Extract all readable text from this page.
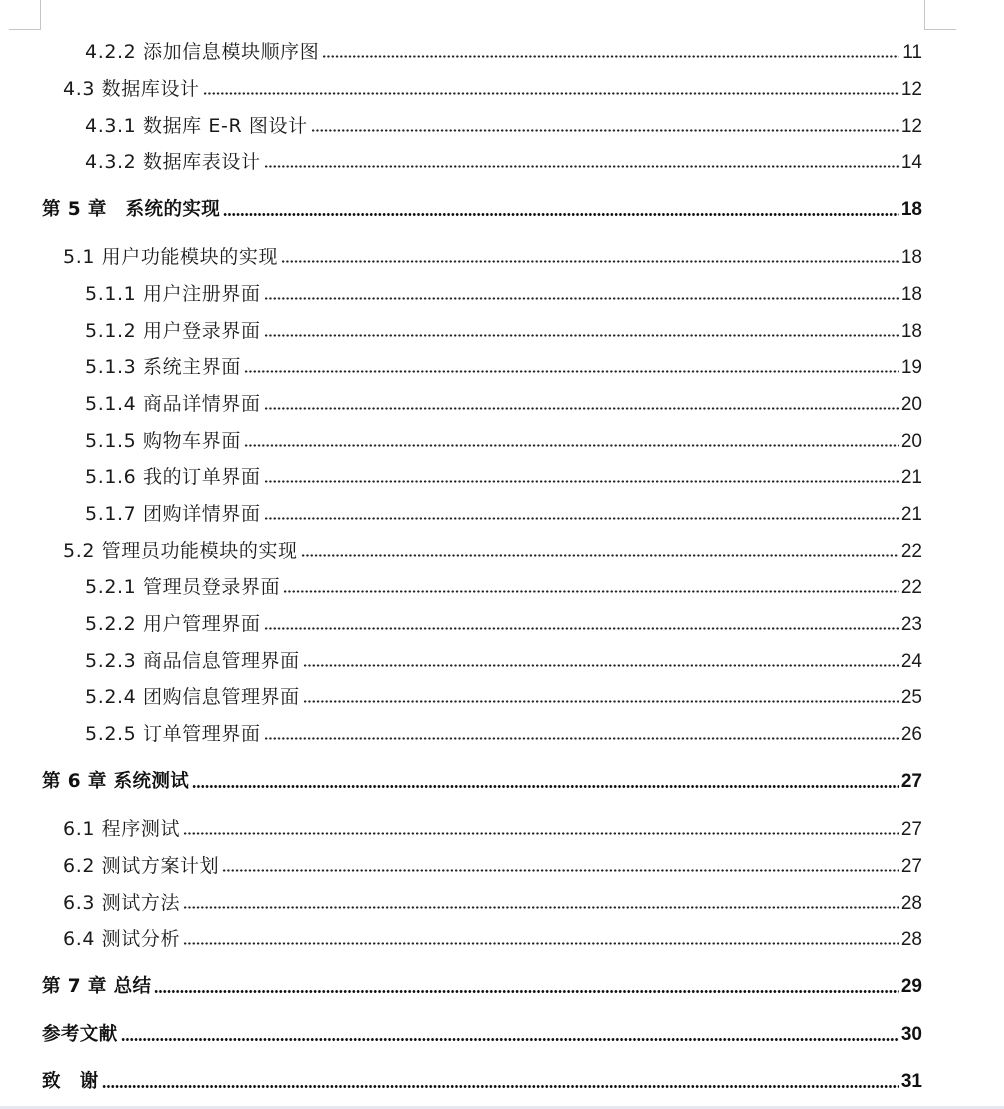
4.2.2 添加信息模块顺序图	11
4.3 数据库设计	12
4.3.1 数据库 E-R 图设计	12
4.3.2 数据库表设计	14
第 5 章　系统的实现	18
5.1 用户功能模块的实现	18
5.1.1 用户注册界面	18
5.1.2 用户登录界面	18
5.1.3 系统主界面	19
5.1.4 商品详情界面	20
5.1.5 购物车界面	20
5.1.6 我的订单界面	21
5.1.7 团购详情界面	21
5.2 管理员功能模块的实现	22
5.2.1 管理员登录界面	22
5.2.2 用户管理界面	23
5.2.3 商品信息管理界面	24
5.2.4 团购信息管理界面	25
5.2.5 订单管理界面	26
第 6 章 系统测试	27
6.1 程序测试	27
6.2 测试方案计划	27
6.3 测试方法	28
6.4 测试分析	28
第 7 章 总结	29
参考文献	30
致　谢	31
